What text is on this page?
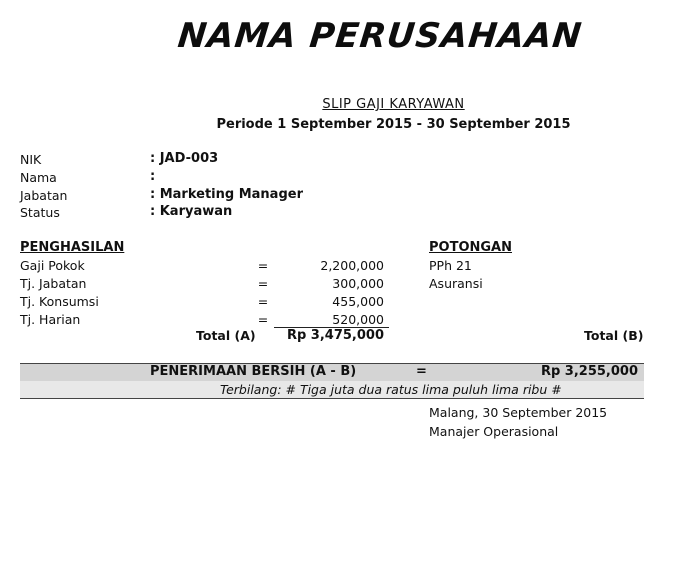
NAMA PERUSAHAAN
SLIP GAJI KARYAWAN
Periode 1 September 2015 - 30 September 2015
NIK	: JAD-003
Nama	:
Jabatan	: Marketing Manager
Status	: Karyawan
PENGHASILAN
Gaji Pokok	=	2,200,000
Tj. Jabatan	=	300,000
Tj. Konsumsi	=	455,000
Tj. Harian	=	520,000
Total (A)	Rp 3,475,000
POTONGAN
PPh 21
Asuransi
Total (B)
PENERIMAAN BERSIH (A - B)	=	Rp 3,255,000
Terbilang: # Tiga juta dua ratus lima puluh lima ribu #
Malang, 30 September 2015
Manajer Operasional
